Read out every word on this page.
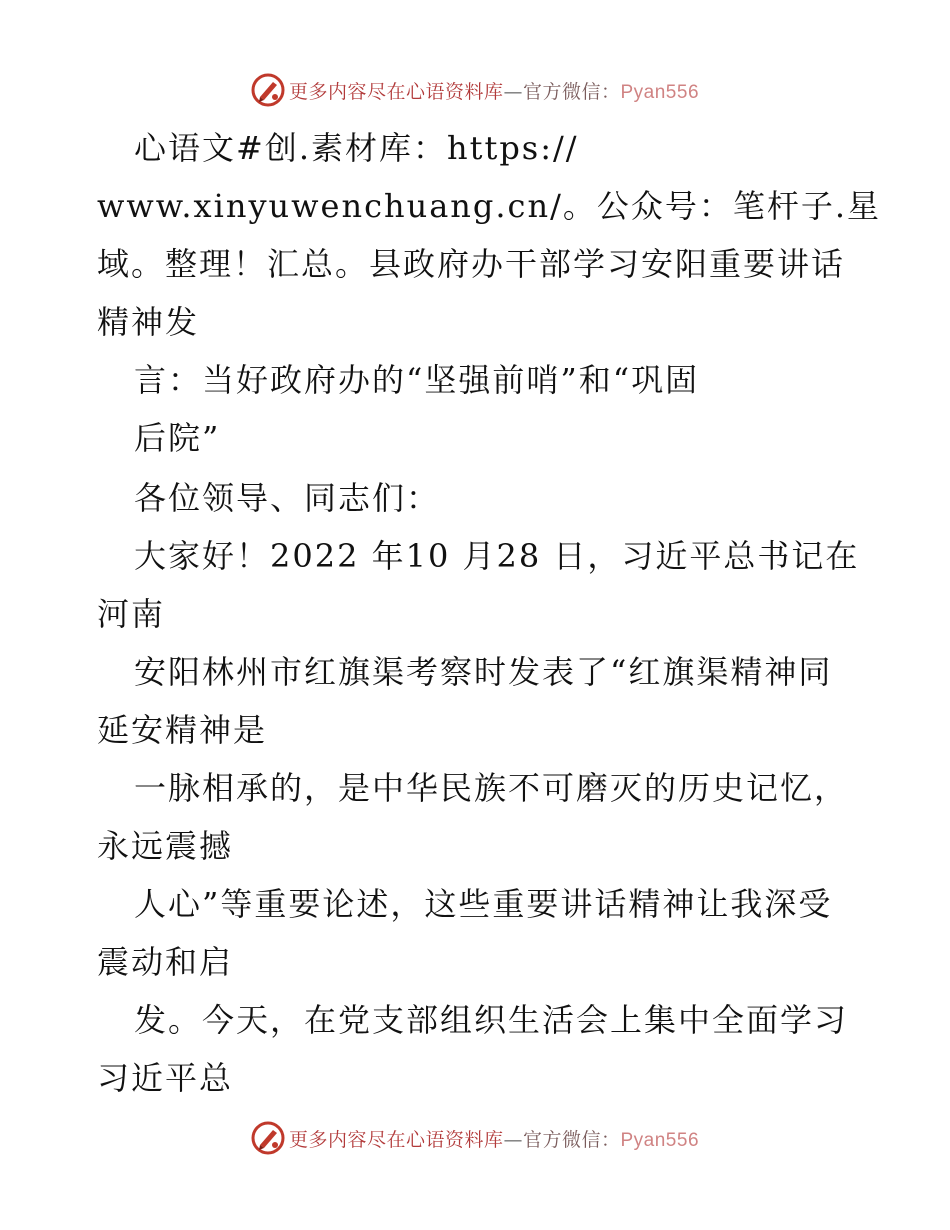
更多内容尽在心语资料库—官方微信：Pyan556
心语文#创.素材库：https://
www.xinyuwenchuang.cn/。公众号：笔杆子.星
域。整理！汇总。县政府办干部学习安阳重要讲话
精神发
言：当好政府办的“坚强前哨”和“巩固
后院”
各位领导、同志们：
大家好！2022 年10 月28 日，习近平总书记在
河南
安阳林州市红旗渠考察时发表了“红旗渠精神同
延安精神是
一脉相承的，是中华民族不可磨灭的历史记忆，
永远震撼
人心”等重要论述，这些重要讲话精神让我深受
震动和启
发。今天，在党支部组织生活会上集中全面学习
习近平总
更多内容尽在心语资料库—官方微信：Pyan556
